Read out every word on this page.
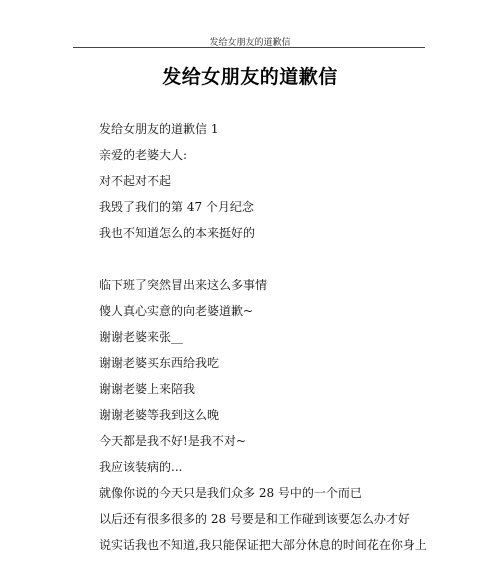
发给女朋友的道歉信
发给女朋友的道歉信
发给女朋友的道歉信 1
亲爱的老婆大人:
对不起对不起
我毁了我们的第 47 个月纪念
我也不知道怎么的本来挺好的
临下班了突然冒出来这么多事情
傻人真心实意的向老婆道歉~
谢谢老婆来张__
谢谢老婆买东西给我吃
谢谢老婆上来陪我
谢谢老婆等我到这么晚
今天都是我不好!是我不对~
我应该装病的...
就像你说的今天只是我们众多 28 号中的一个而已
以后还有很多很多的 28 号要是和工作碰到该要怎么办才好
说实话我也不知道,我只能保证把大部分休息的时间花在你身上
